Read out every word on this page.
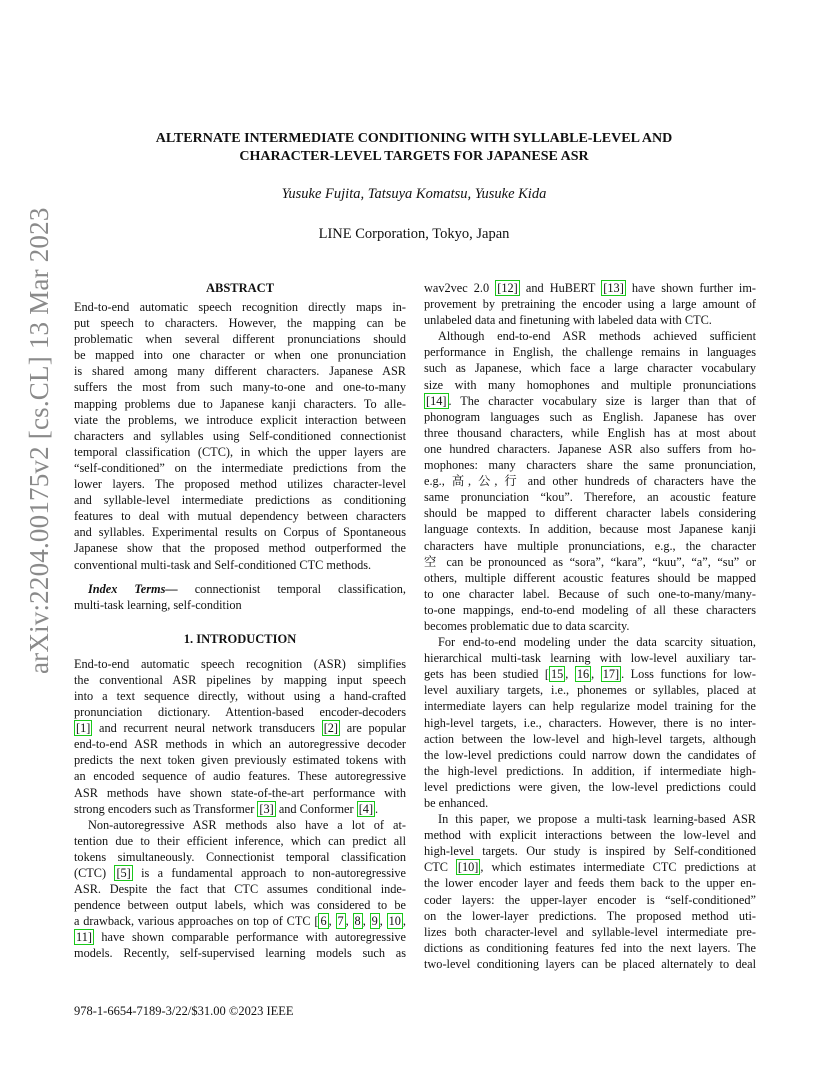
arXiv:2204.00175v2 [cs.CL] 13 Mar 2023
ALTERNATE INTERMEDIATE CONDITIONING WITH SYLLABLE-LEVEL AND
CHARACTER-LEVEL TARGETS FOR JAPANESE ASR
Yusuke Fujita, Tatsuya Komatsu, Yusuke Kida
LINE Corporation, Tokyo, Japan
ABSTRACT
End-to-end automatic speech recognition directly maps in-
put speech to characters. However, the mapping can be
problematic when several different pronunciations should
be mapped into one character or when one pronunciation
is shared among many different characters. Japanese ASR
suffers the most from such many-to-one and one-to-many
mapping problems due to Japanese kanji characters. To alle-
viate the problems, we introduce explicit interaction between
characters and syllables using Self-conditioned connectionist
temporal classification (CTC), in which the upper layers are
“self-conditioned” on the intermediate predictions from the
lower layers. The proposed method utilizes character-level
and syllable-level intermediate predictions as conditioning
features to deal with mutual dependency between characters
and syllables. Experimental results on Corpus of Spontaneous
Japanese show that the proposed method outperformed the
conventional multi-task and Self-conditioned CTC methods.
Index Terms— connectionist temporal classification,
multi-task learning, self-condition
1. INTRODUCTION
End-to-end automatic speech recognition (ASR) simplifies
the conventional ASR pipelines by mapping input speech
into a text sequence directly, without using a hand-crafted
pronunciation dictionary. Attention-based encoder-decoders
[1] and recurrent neural network transducers [2] are popular
end-to-end ASR methods in which an autoregressive decoder
predicts the next token given previously estimated tokens with
an encoded sequence of audio features. These autoregressive
ASR methods have shown state-of-the-art performance with
strong encoders such as Transformer [3] and Conformer [4] .
Non-autoregressive ASR methods also have a lot of at-
tention due to their efficient inference, which can predict all
tokens simultaneously. Connectionist temporal classification
(CTC) [5] is a fundamental approach to non-autoregressive
ASR. Despite the fact that CTC assumes conditional inde-
pendence between output labels, which was considered to be
a drawback, various approaches on top of CTC [ 6 , 7 , 8 , 9 , 10 ,
11] have shown comparable performance with autoregressive
models. Recently, self-supervised learning models such as
wav2vec 2.0 [12] and HuBERT [13] have shown further im-
provement by pretraining the encoder using a large amount of
unlabeled data and finetuning with labeled data with CTC.
Although end-to-end ASR methods achieved sufficient
performance in English, the challenge remains in languages
such as Japanese, which face a large character vocabulary
size with many homophones and multiple pronunciations
[14] . The character vocabulary size is larger than that of
phonogram languages such as English. Japanese has over
three thousand characters, while English has at most about
one hundred characters. Japanese ASR also suffers from ho-
mophones: many characters share the same pronunciation,
e.g., 高, 公, 行 and other hundreds of characters have the
same pronunciation “kou”. Therefore, an acoustic feature
should be mapped to different character labels considering
language contexts. In addition, because most Japanese kanji
characters have multiple pronunciations, e.g., the character
空 can be pronounced as “sora”, “kara”, “kuu”, “a”, “su” or
others, multiple different acoustic features should be mapped
to one character label. Because of such one-to-many/many-
to-one mappings, end-to-end modeling of all these characters
becomes problematic due to data scarcity.
For end-to-end modeling under the data scarcity situation,
hierarchical multi-task learning with low-level auxiliary tar-
gets has been studied [ 15 , 16 , 17] . Loss functions for low-
level auxiliary targets, i.e., phonemes or syllables, placed at
intermediate layers can help regularize model training for the
high-level targets, i.e., characters. However, there is no inter-
action between the low-level and high-level targets, although
the low-level predictions could narrow down the candidates of
the high-level predictions. In addition, if intermediate high-
level predictions were given, the low-level predictions could
be enhanced.
In this paper, we propose a multi-task learning-based ASR
method with explicit interactions between the low-level and
high-level targets. Our study is inspired by Self-conditioned
CTC [10] , which estimates intermediate CTC predictions at
the lower encoder layer and feeds them back to the upper en-
coder layers: the upper-layer encoder is “self-conditioned”
on the lower-layer predictions. The proposed method uti-
lizes both character-level and syllable-level intermediate pre-
dictions as conditioning features fed into the next layers. The
two-level conditioning layers can be placed alternately to deal
978-1-6654-7189-3/22/$31.00 ©2023 IEEE
